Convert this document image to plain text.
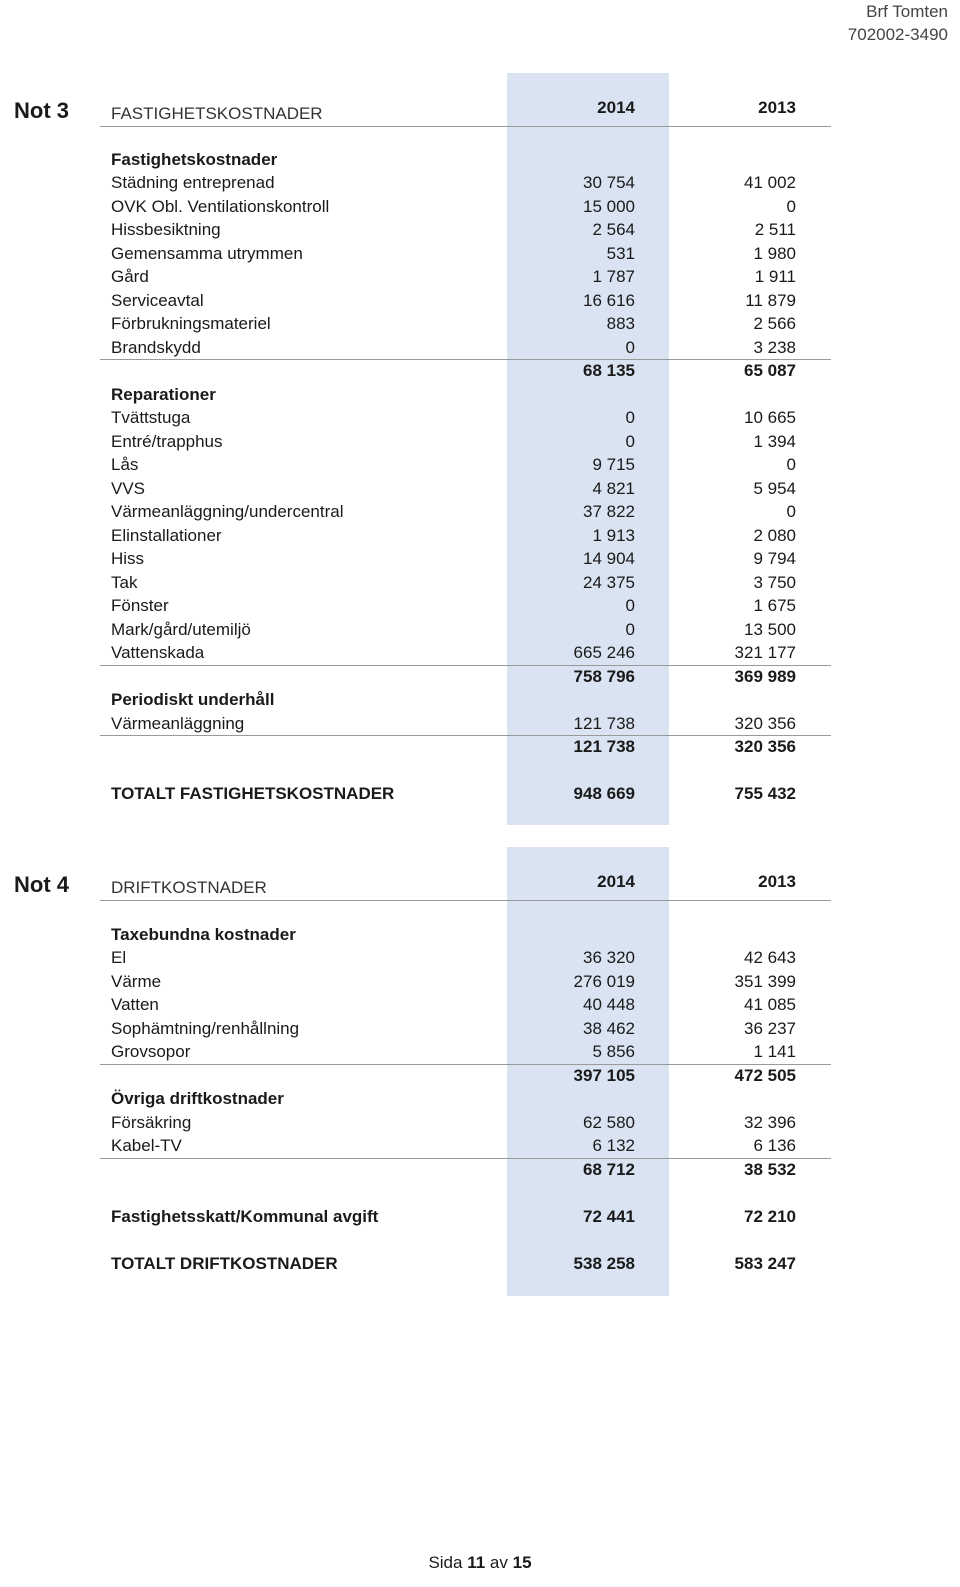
Brf Tomten
702002-3490
Not 3 FASTIGHETSKOSTNADER	2014	2013
Fastighetskostnader
Städning entreprenad	30 754	41 002
OVK Obl. Ventilationskontroll	15 000	0
Hissbesiktning	2 564	2 511
Gemensamma utrymmen	531	1 980
Gård	1 787	1 911
Serviceavtal	16 616	11 879
Förbrukningsmateriel	883	2 566
Brandskydd	0	3 238
68 135	65 087
Reparationer
Tvättstuga	0	10 665
Entré/trapphus	0	1 394
Lås	9 715	0
VVS	4 821	5 954
Värmeanläggning/undercentral	37 822	0
Elinstallationer	1 913	2 080
Hiss	14 904	9 794
Tak	24 375	3 750
Fönster	0	1 675
Mark/gård/utemiljö	0	13 500
Vattenskada	665 246	321 177
758 796	369 989
Periodiskt underhåll
Värmeanläggning	121 738	320 356
121 738	320 356
TOTALT FASTIGHETSKOSTNADER	948 669	755 432
Not 4 DRIFTKOSTNADER	2014	2013
Taxebundna kostnader
El	36 320	42 643
Värme	276 019	351 399
Vatten	40 448	41 085
Sophämtning/renhållning	38 462	36 237
Grovsopor	5 856	1 141
397 105	472 505
Övriga driftkostnader
Försäkring	62 580	32 396
Kabel-TV	6 132	6 136
68 712	38 532
Fastighetsskatt/Kommunal avgift	72 441	72 210
TOTALT DRIFTKOSTNADER	538 258	583 247
Sida 11 av 15
